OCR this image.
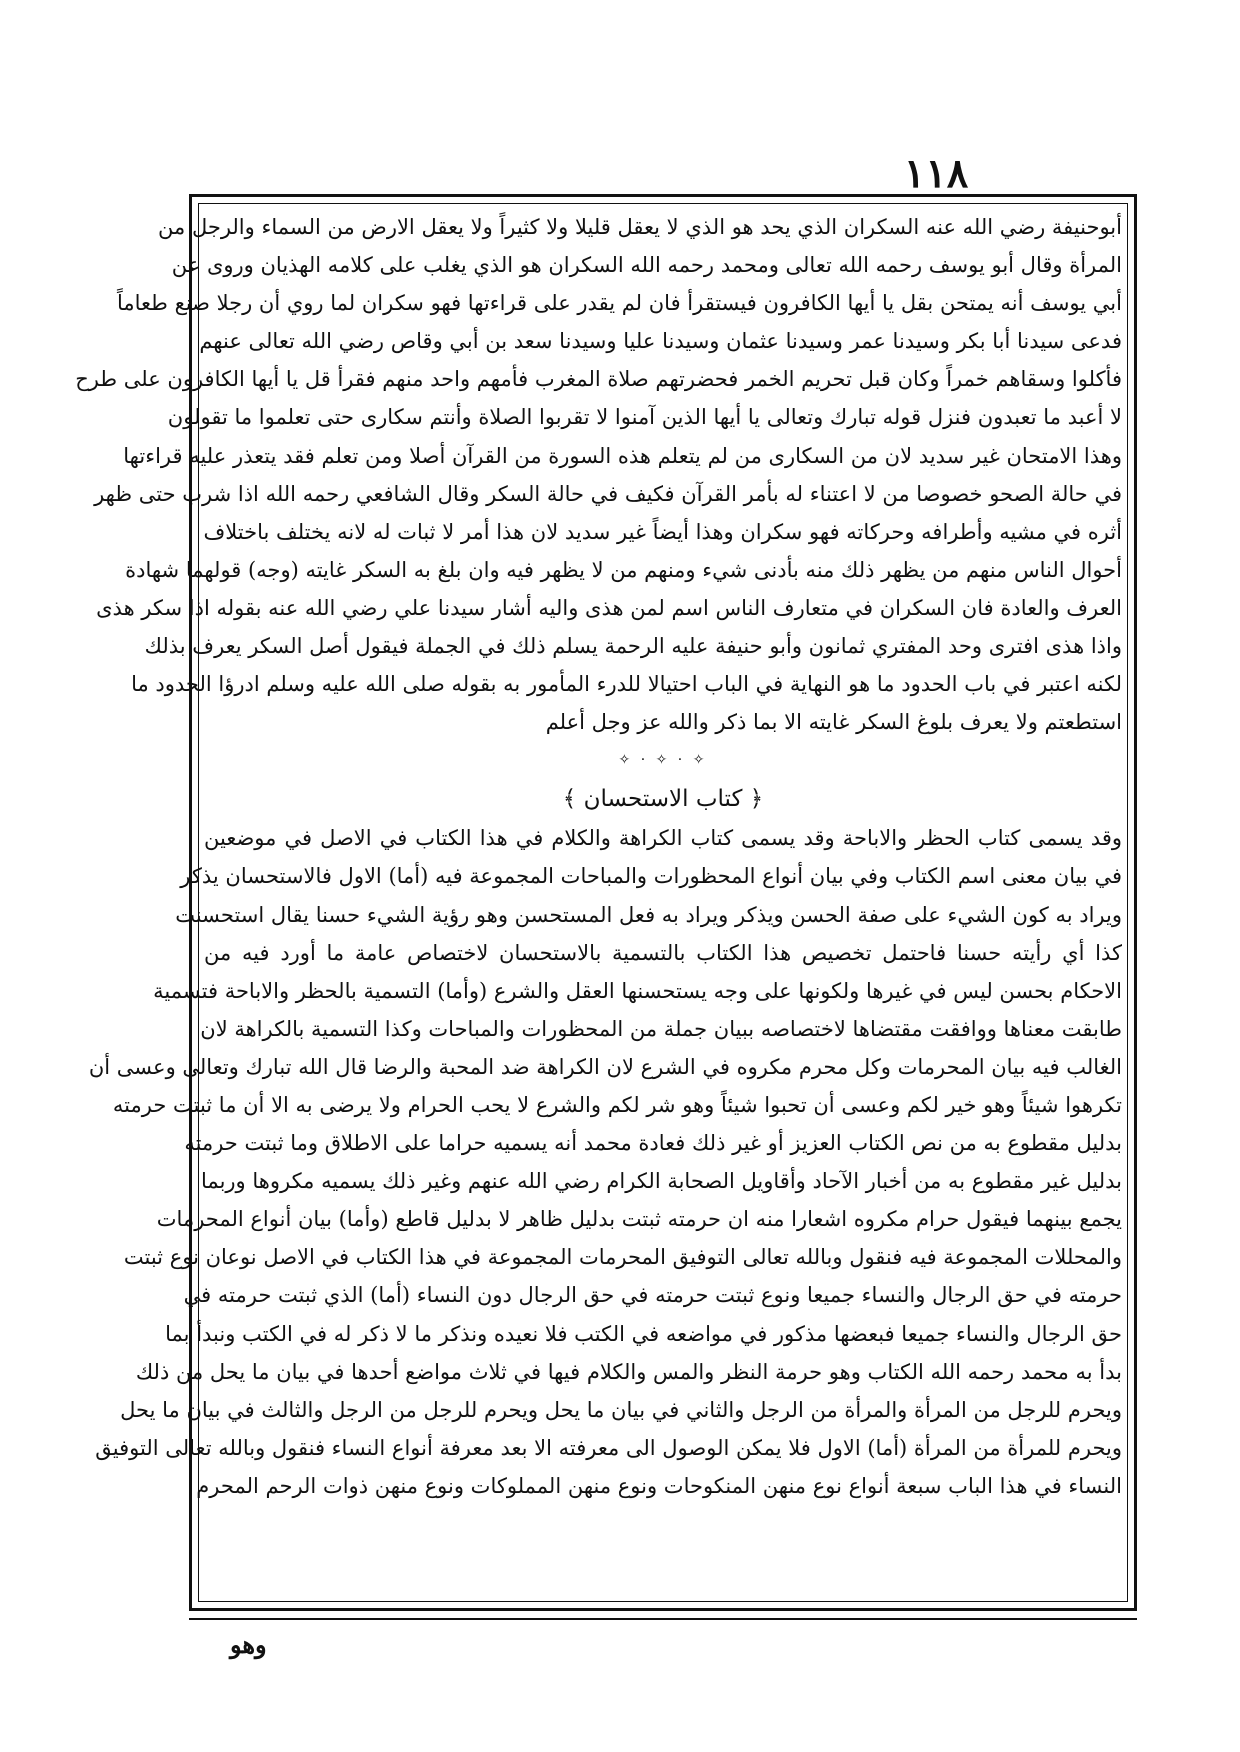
١١٨
أبوحنيفة رضي الله عنه السكران الذي يحد هو الذي لا يعقل قليلا ولا كثيراً ولا يعقل الارض من السماء والرجل من
المرأة وقال أبو يوسف رحمه الله تعالى ومحمد رحمه الله السكران هو الذي يغلب على كلامه الهذيان وروى عن
أبي يوسف أنه يمتحن بقل يا أيها الكافرون فيستقرأ فان لم يقدر على قراءتها فهو سكران لما روي أن رجلا صنع طعاماً
فدعى سيدنا أبا بكر وسيدنا عمر وسيدنا عثمان وسيدنا عليا وسيدنا سعد بن أبي وقاص رضي الله تعالى عنهم
فأكلوا وسقاهم خمراً وكان قبل تحريم الخمر فحضرتهم صلاة المغرب فأمهم واحد منهم فقرأ قل يا أيها الكافرون على طرح
لا أعبد ما تعبدون فنزل قوله تبارك وتعالى يا أيها الذين آمنوا لا تقربوا الصلاة وأنتم سكارى حتى تعلموا ما تقولون
وهذا الامتحان غير سديد لان من السكارى من لم يتعلم هذه السورة من القرآن أصلا ومن تعلم فقد يتعذر عليه قراءتها
في حالة الصحو خصوصا من لا اعتناء له بأمر القرآن فكيف في حالة السكر وقال الشافعي رحمه الله اذا شرب حتى ظهر
أثره في مشيه وأطرافه وحركاته فهو سكران وهذا أيضاً غير سديد لان هذا أمر لا ثبات له لانه يختلف باختلاف
أحوال الناس منهم من يظهر ذلك منه بأدنى شيء ومنهم من لا يظهر فيه وان بلغ به السكر غايته (وجه) قولهما شهادة
العرف والعادة فان السكران في متعارف الناس اسم لمن هذى واليه أشار سيدنا علي رضي الله عنه بقوله اذا سكر هذى
واذا هذى افترى وحد المفتري ثمانون وأبو حنيفة عليه الرحمة يسلم ذلك في الجملة فيقول أصل السكر يعرف بذلك
لكنه اعتبر في باب الحدود ما هو النهاية في الباب احتيالا للدرء المأمور به بقوله صلى الله عليه وسلم ادرؤا الحدود ما
استطعتم ولا يعرف بلوغ السكر غايته الا بما ذكر والله عز وجل أعلم
✧ · ✧ · ✧
﴿ كتاب الاستحسان ﴾
وقد يسمى كتاب الحظر والاباحة وقد يسمى كتاب الكراهة والكلام في هذا الكتاب في الاصل في موضعين
في بيان معنى اسم الكتاب وفي بيان أنواع المحظورات والمباحات المجموعة فيه (أما) الاول فالاستحسان يذكر
ويراد به كون الشيء على صفة الحسن ويذكر ويراد به فعل المستحسن وهو رؤية الشيء حسنا يقال استحسنت
كذا أي رأيته حسنا فاحتمل تخصيص هذا الكتاب بالتسمية بالاستحسان لاختصاص عامة ما أورد فيه من
الاحكام بحسن ليس في غيرها ولكونها على وجه يستحسنها العقل والشرع (وأما) التسمية بالحظر والاباحة فتسمية
طابقت معناها ووافقت مقتضاها لاختصاصه ببيان جملة من المحظورات والمباحات وكذا التسمية بالكراهة لان
الغالب فيه بيان المحرمات وكل محرم مكروه في الشرع لان الكراهة ضد المحبة والرضا قال الله تبارك وتعالى وعسى أن
تكرهوا شيئاً وهو خير لكم وعسى أن تحبوا شيئاً وهو شر لكم والشرع لا يحب الحرام ولا يرضى به الا أن ما ثبتت حرمته
بدليل مقطوع به من نص الكتاب العزيز أو غير ذلك فعادة محمد أنه يسميه حراما على الاطلاق وما ثبتت حرمته
بدليل غير مقطوع به من أخبار الآحاد وأقاويل الصحابة الكرام رضي الله عنهم وغير ذلك يسميه مكروها وربما
يجمع بينهما فيقول حرام مكروه اشعارا منه ان حرمته ثبتت بدليل ظاهر لا بدليل قاطع (وأما) بيان أنواع المحرمات
والمحللات المجموعة فيه فنقول وبالله تعالى التوفيق المحرمات المجموعة في هذا الكتاب في الاصل نوعان نوع ثبتت
حرمته في حق الرجال والنساء جميعا ونوع ثبتت حرمته في حق الرجال دون النساء (أما) الذي ثبتت حرمته في
حق الرجال والنساء جميعا فبعضها مذكور في مواضعه في الكتب فلا نعيده ونذكر ما لا ذكر له في الكتب ونبدأ بما
بدأ به محمد رحمه الله الكتاب وهو حرمة النظر والمس والكلام فيها في ثلاث مواضع أحدها في بيان ما يحل من ذلك
ويحرم للرجل من المرأة والمرأة من الرجل والثاني في بيان ما يحل ويحرم للرجل من الرجل والثالث في بيان ما يحل
ويحرم للمرأة من المرأة (أما) الاول فلا يمكن الوصول الى معرفته الا بعد معرفة أنواع النساء فنقول وبالله تعالى التوفيق
النساء في هذا الباب سبعة أنواع نوع منهن المنكوحات ونوع منهن المملوكات ونوع منهن ذوات الرحم المحرم
وهو
